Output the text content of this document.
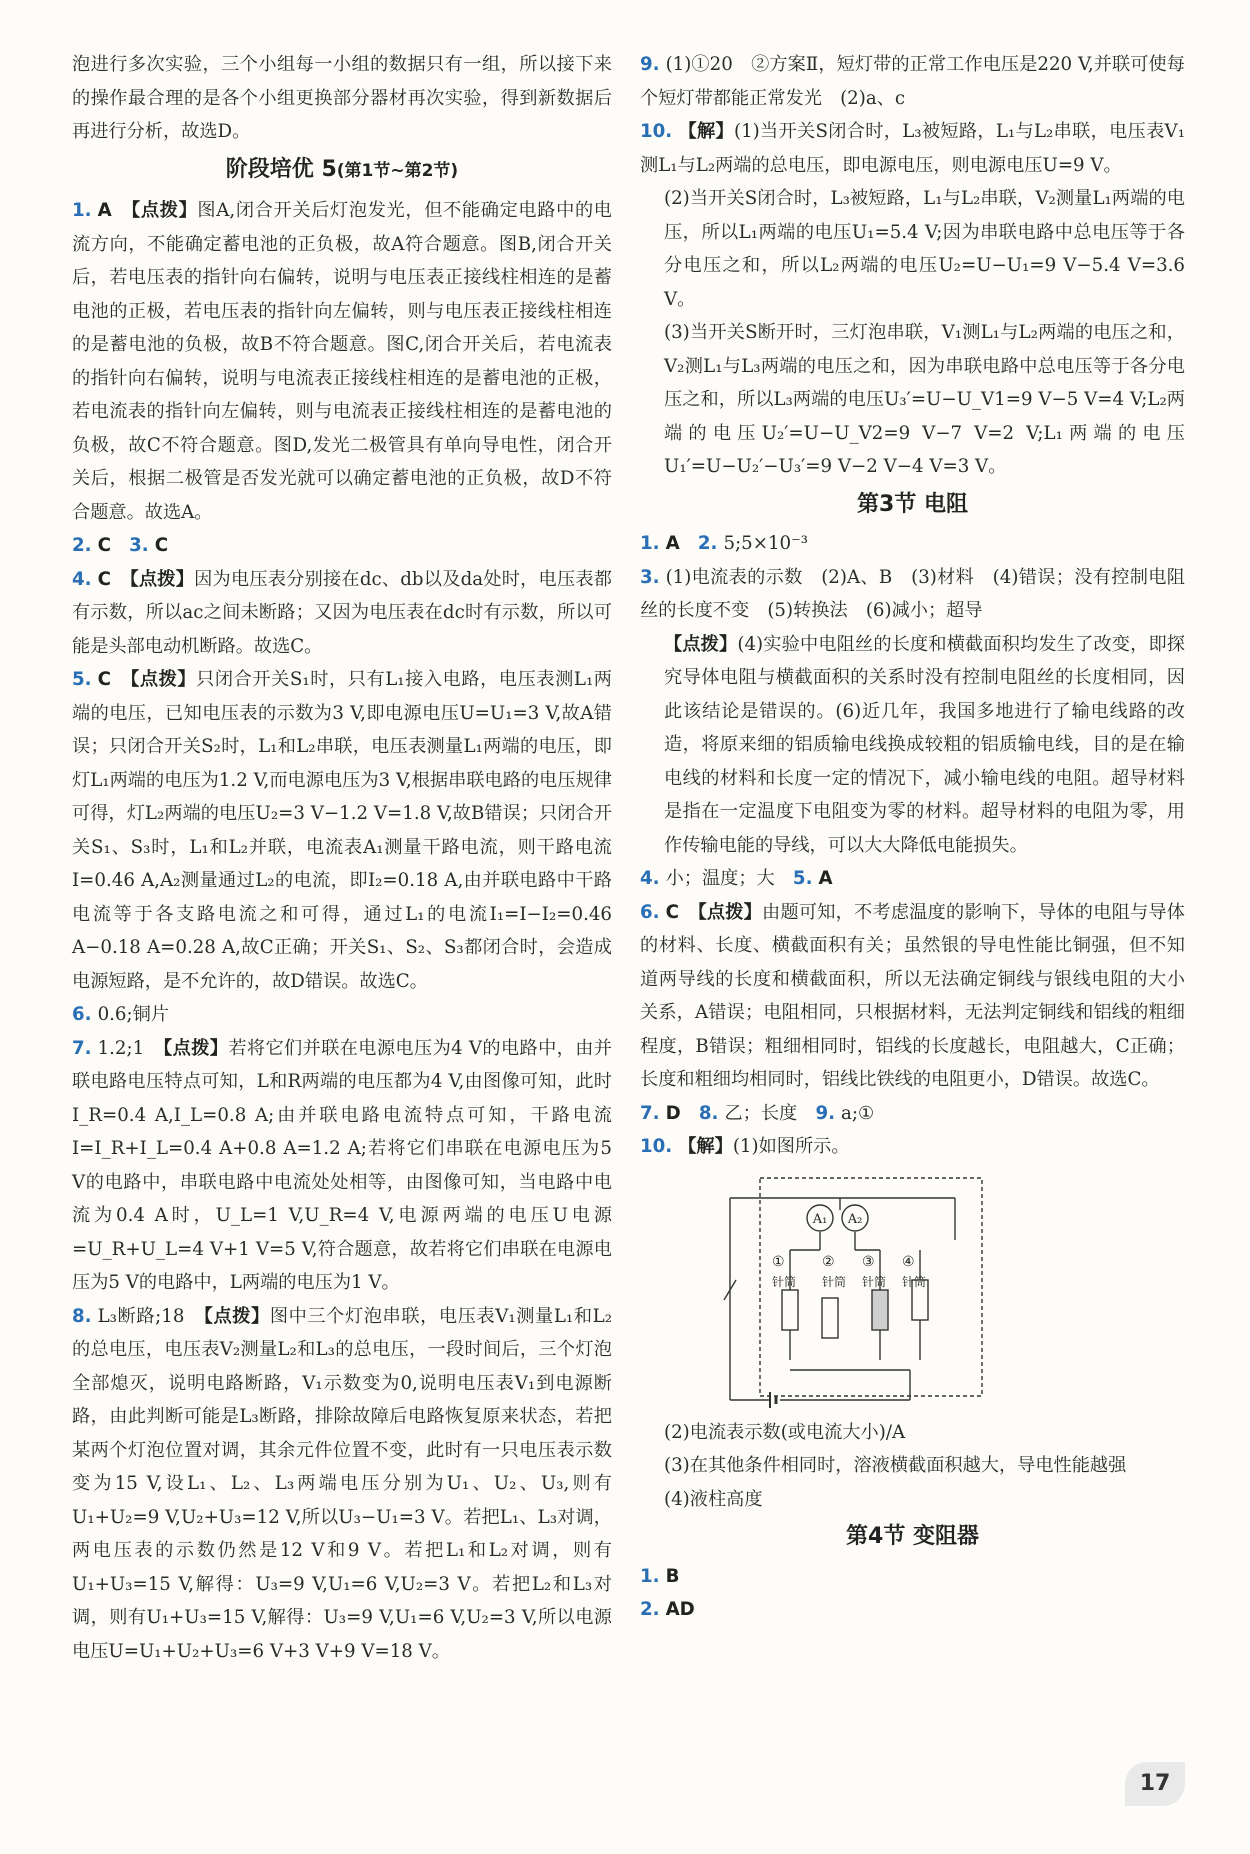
泡进行多次实验，三个小组每一小组的数据只有一组，所以接下来的操作最合理的是各个小组更换部分器材再次实验，得到新数据后再进行分析，故选D。

阶段培优 5(第1节~第2节)

1. A　 【点拨】图A,闭合开关后灯泡发光，但不能确定电路中的电流方向，不能确定蓄电池的正负极，故A符合题意。图B,闭合开关后，若电压表的指针向右偏转，说明与电压表正接线柱相连的是蓄电池的正极，若电压表的指针向左偏转，则与电压表正接线柱相连的是蓄电池的负极，故B不符合题意。图C,闭合开关后，若电流表的指针向右偏转，说明与电流表正接线柱相连的是蓄电池的正极，若电流表的指针向左偏转，则与电流表正接线柱相连的是蓄电池的负极，故C不符合题意。图D,发光二极管具有单向导电性，闭合开关后，根据二极管是否发光就可以确定蓄电池的正负极，故D不符合题意。故选A。

2. C　 3. C

4. C　 【点拨】因为电压表分别接在dc、db以及da处时，电压表都有示数，所以ac之间未断路；又因为电压表在dc时有示数，所以可能是头部电动机断路。故选C。

5. C　 【点拨】只闭合开关S₁时，只有L₁接入电路，电压表测L₁两端的电压，已知电压表的示数为3 V,即电源电压U=U₁=3 V,故A错误；只闭合开关S₂时，L₁和L₂串联，电压表测量L₁两端的电压，即灯L₁两端的电压为1.2 V,而电源电压为3 V,根据串联电路的电压规律可得，灯L₂两端的电压U₂=3 V−1.2 V=1.8 V,故B错误；只闭合开关S₁、S₃时，L₁和L₂并联，电流表A₁测量干路电流，则干路电流I=0.46 A,A₂测量通过L₂的电流，即I₂=0.18 A,由并联电路中干路电流等于各支路电流之和可得，通过L₁的电流I₁=I−I₂=0.46 A−0.18 A=0.28 A,故C正确；开关S₁、S₂、S₃都闭合时，会造成电源短路，是不允许的，故D错误。故选C。

6. 0.6;铜片

7. 1.2;1　 【点拨】若将它们并联在电源电压为4 V的电路中，由并联电路电压特点可知，L和R两端的电压都为4 V,由图像可知，此时I_R=0.4 A,I_L=0.8 A;由并联电路电流特点可知，干路电流I=I_R+I_L=0.4 A+0.8 A=1.2 A;若将它们串联在电源电压为5 V的电路中，串联电路中电流处处相等，由图像可知，当电路中电流为0.4 A时，U_L=1 V,U_R=4 V,电源两端的电压U电源=U_R+U_L=4 V+1 V=5 V,符合题意，故若将它们串联在电源电压为5 V的电路中，L两端的电压为1 V。

8. L₃断路;18　 【点拨】图中三个灯泡串联，电压表V₁测量L₁和L₂的总电压，电压表V₂测量L₂和L₃的总电压，一段时间后，三个灯泡全部熄灭，说明电路断路，V₁示数变为0,说明电压表V₁到电源断路，由此判断可能是L₃断路，排除故障后电路恢复原来状态，若把某两个灯泡位置对调，其余元件位置不变，此时有一只电压表示数变为15 V,设L₁、L₂、L₃两端电压分别为U₁、U₂、U₃,则有U₁+U₂=9 V,U₂+U₃=12 V,所以U₃−U₁=3 V。若把L₁、L₃对调，两电压表的示数仍然是12 V和9 V。若把L₁和L₂对调，则有U₁+U₃=15 V,解得：U₃=9 V,U₁=6 V,U₂=3 V。若把L₂和L₃对调，则有U₁+U₃=15 V,解得：U₃=9 V,U₁=6 V,U₂=3 V,所以电源电压U=U₁+U₂+U₃=6 V+3 V+9 V=18 V。

9. (1)①20　②方案Ⅱ，短灯带的正常工作电压是220 V,并联可使每个短灯带都能正常发光　(2)a、c

10. 【解】(1)当开关S闭合时，L₃被短路，L₁与L₂串联，电压表V₁测L₁与L₂两端的总电压，即电源电压，则电源电压U=9 V。

(2)当开关S闭合时，L₃被短路，L₁与L₂串联，V₂测量L₁两端的电压，所以L₁两端的电压U₁=5.4 V;因为串联电路中总电压等于各分电压之和，所以L₂两端的电压U₂=U−U₁=9 V−5.4 V=3.6 V。

(3)当开关S断开时，三灯泡串联，V₁测L₁与L₂两端的电压之和，V₂测L₁与L₃两端的电压之和，因为串联电路中总电压等于各分电压之和，所以L₃两端的电压U₃′=U−U_V1=9 V−5 V=4 V;L₂两端的电压U₂′=U−U_V2=9 V−7 V=2 V;L₁两端的电压U₁′=U−U₂′−U₃′=9 V−2 V−4 V=3 V。

第3节 电阻

1. A　 2. 5;5×10⁻³

3. (1)电流表的示数　(2)A、B　(3)材料　(4)错误；没有控制电阻丝的长度不变　(5)转换法　(6)减小；超导

【点拨】(4)实验中电阻丝的长度和横截面积均发生了改变，即探究导体电阻与横截面积的关系时没有控制电阻丝的长度相同，因此该结论是错误的。(6)近几年，我国多地进行了输电线路的改造，将原来细的铝质输电线换成较粗的铝质输电线，目的是在输电线的材料和长度一定的情况下，减小输电线的电阻。超导材料是指在一定温度下电阻变为零的材料。超导材料的电阻为零，用作传输电能的导线，可以大大降低电能损失。

4. 小；温度；大　 5. A

6. C　 【点拨】由题可知，不考虑温度的影响下，导体的电阻与导体的材料、长度、横截面积有关；虽然银的导电性能比铜强，但不知道两导线的长度和横截面积，所以无法确定铜线与银线电阻的大小关系，A错误；电阻相同，只根据材料，无法判定铜线和铝线的粗细程度，B错误；粗细相同时，铝线的长度越长，电阻越大，C正确；长度和粗细均相同时，铝线比铁线的电阻更小，D错误。故选C。

7. D　 8. 乙；长度　 9. a;①

10. 【解】(1)如图所示。

A₁ A₂
①	② ③ ④
针筒 针筒 针筒 针筒

(2)电流表示数(或电流大小)/A

(3)在其他条件相同时，溶液横截面积越大，导电性能越强

(4)液柱高度

第4节 变阻器

1. B

2. AD

17
